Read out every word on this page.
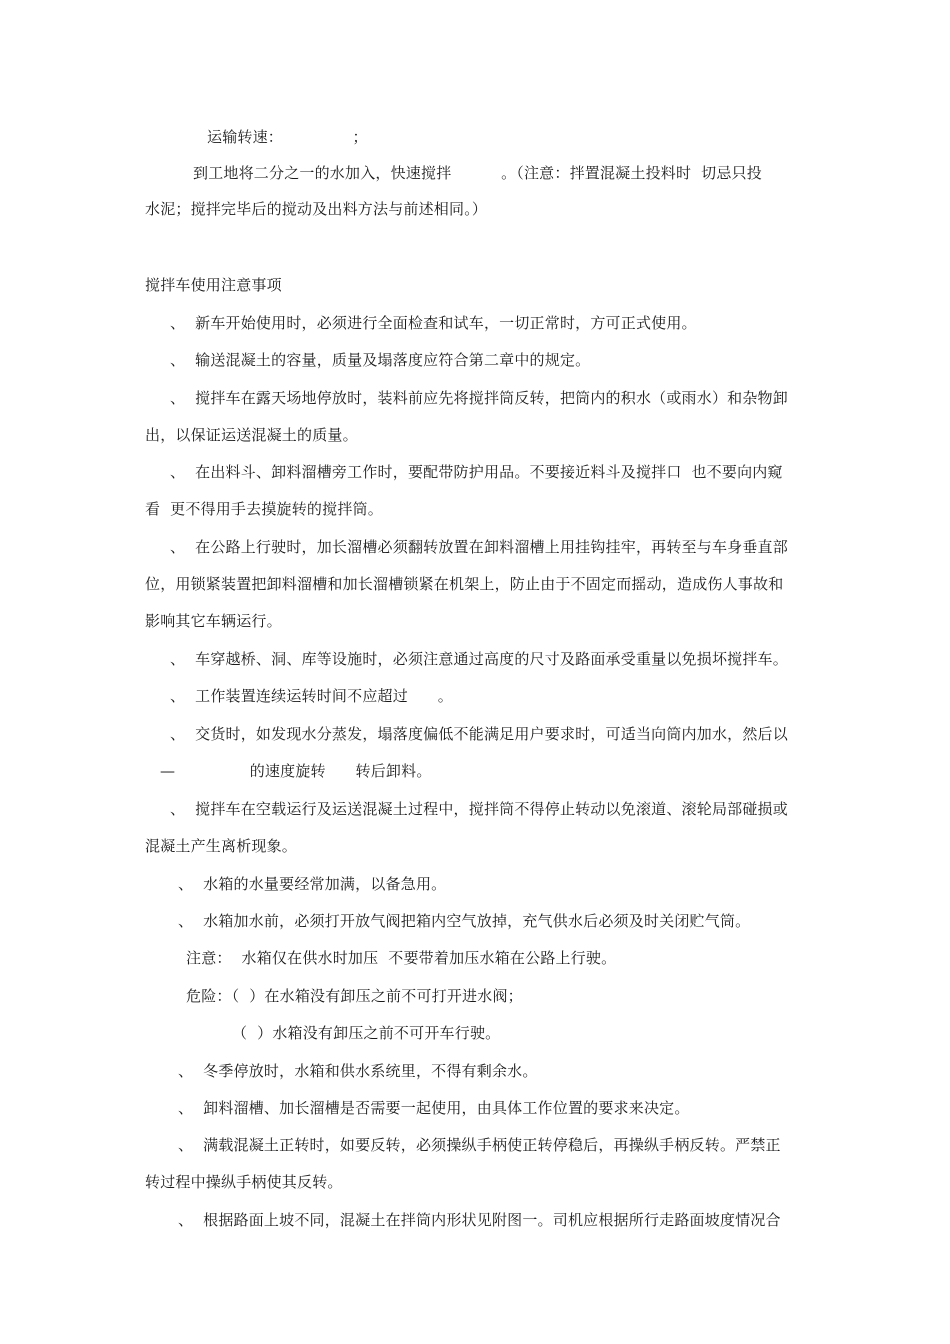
运输转速：              ；
到工地将二分之一的水加入，快速搅拌          。（注意：拌置混凝土投料时  切忌只投
水泥；搅拌完毕后的搅动及出料方法与前述相同。）
搅拌车使用注意事项
、  新车开始使用时，必须进行全面检查和试车，一切正常时，方可正式使用。
、  输送混凝土的容量，质量及塌落度应符合第二章中的规定。
、  搅拌车在露天场地停放时，装料前应先将搅拌筒反转，把筒内的积水（或雨水）和杂物卸
出，以保证运送混凝土的质量。
、  在出料斗、卸料溜槽旁工作时，要配带防护用品。不要接近料斗及搅拌口  也不要向内窥
看  更不得用手去摸旋转的搅拌筒。
、  在公路上行驶时，加长溜槽必须翻转放置在卸料溜槽上用挂钩挂牢，再转至与车身垂直部
位，用锁紧装置把卸料溜槽和加长溜槽锁紧在机架上，防止由于不固定而摇动，造成伤人事故和
影响其它车辆运行。
、  车穿越桥、洞、库等设施时，必须注意通过高度的尺寸及路面承受重量以免损坏搅拌车。
、  工作装置连续运转时间不应超过      。
、  交货时，如发现水分蒸发，塌落度偏低不能满足用户要求时，可适当向筒内加水，然后以
—               的速度旋转      转后卸料。
、  搅拌车在空载运行及运送混凝土过程中，搅拌筒不得停止转动以免滚道、滚轮局部碰损或
混凝土产生离析现象。
、  水箱的水量要经常加满，以备急用。
、  水箱加水前，必须打开放气阀把箱内空气放掉，充气供水后必须及时关闭贮气筒。
注意：  水箱仅在供水时加压  不要带着加压水箱在公路上行驶。
危险：（  ）在水箱没有卸压之前不可打开进水阀；
（  ）水箱没有卸压之前不可开车行驶。
、  冬季停放时，水箱和供水系统里，不得有剩余水。
、  卸料溜槽、加长溜槽是否需要一起使用，由具体工作位置的要求来决定。
、  满载混凝土正转时，如要反转，必须操纵手柄使正转停稳后，再操纵手柄反转。严禁正
转过程中操纵手柄使其反转。
、  根据路面上坡不同，混凝土在拌筒内形状见附图一。司机应根据所行走路面坡度情况合
